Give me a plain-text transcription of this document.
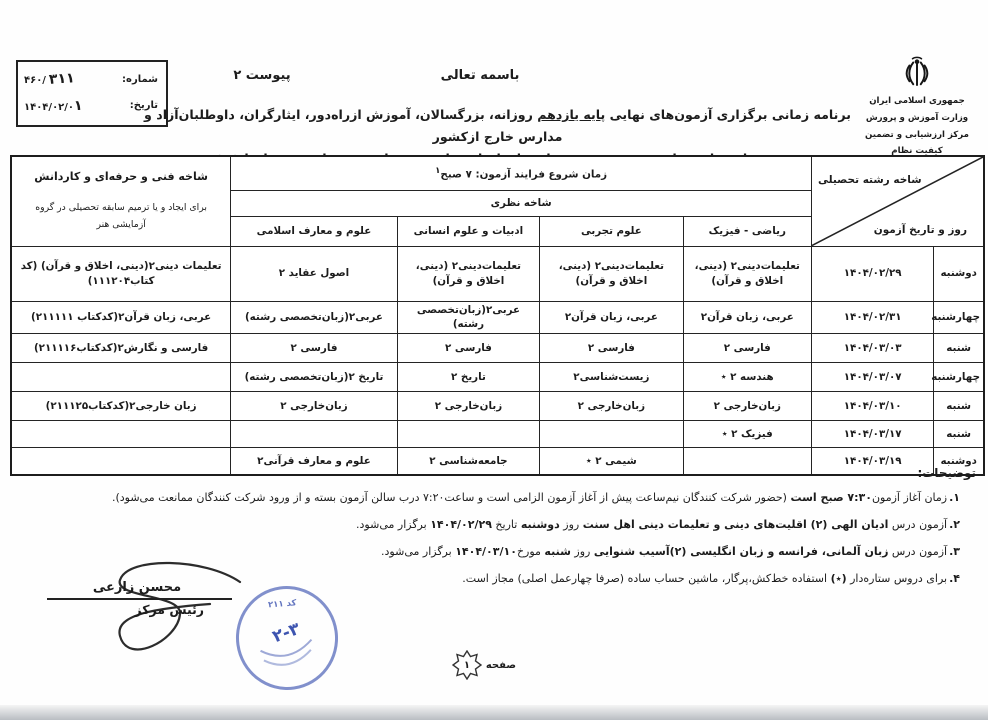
شماره:
۴۶۰/ ۳۱۱
تاریخ:
۱۴۰۴/۰۲/۰۱	جمهوری اسلامی ایران
وزارت آموزش و پرورش
مرکز ارزشیابی و تضمین کیفیت نظام
باسمه تعالی
پیوست ۲
برنامه زمانی برگزاری آزمون‌های نهایی پایه یازدهم روزانه، بزرگسالان، آموزش ازراه‌دور، ایثارگران، داوطلبان‌آزاد و مدارس خارج ازکشور
شاخه رشته تحصیلی
روز و تاریخ آزمون
	زمان شروع فرایند آزمون: ۷ صبح$^۱$	
شاخه فنی و حرفه‌ای و کاردانش
برای ایجاد و یا ترمیم سابقه تحصیلی در گروه آزمایشی هنر

		شاخه نظری				
		ریاضی - فیزیک	علوم تجربی	ادبیات و علوم انسانی	علوم و معارف اسلامی	
دوشنبه	۱۴۰۴/۰۲/۲۹	تعلیمات‌دینی۲ (دینی، اخلاق و قرآن)	تعلیمات‌دینی۲ (دینی، اخلاق و قرآن)	تعلیمات‌دینی۲ (دینی، اخلاق و قرآن)	اصول عقاید ۲	تعلیمات دینی۲(دینی، اخلاق و قرآن) (کد کتاب۱۱۱۲۰۴)
چهارشنبه	۱۴۰۴/۰۲/۳۱	عربی، زبان قرآن۲	عربی، زبان قرآن۲	عربی۲(زبان‌تخصصی رشته)	عربی۲(زبان‌تخصصی رشته)	عربی، زبان قرآن۲(کدکتاب ۲۱۱۱۱۱)
شنبه	۱۴۰۴/۰۳/۰۳	فارسی ۲	فارسی ۲	فارسی ۲	فارسی ۲	فارسی و نگارش۲(کدکتاب۲۱۱۱۱۶)
چهارشنبه	۱۴۰۴/۰۳/۰۷	هندسه ۲ ٭	زیست‌شناسی۲	تاریخ ۲	تاریخ ۲(زبان‌تخصصی رشته)	
شنبه	۱۴۰۴/۰۳/۱۰	زبان‌خارجی ۲	زبان‌خارجی ۲	زبان‌خارجی ۲	زبان‌خارجی ۲	زبان خارجی۲(کدکتاب۲۱۱۱۲۵)
شنبه	۱۴۰۴/۰۳/۱۷	فیزیک ۲ ٭				
دوشنبه	۱۴۰۴/۰۳/۱۹		شیمی ۲ ٭	جامعه‌شناسی ۲	علوم و معارف قرآنی۲	
توضیحات:
۱.زمان آغاز آزمون۷:۳۰ صبح است (حضور شرکت کنندگان نیم‌ساعت پیش از آغاز آزمون الزامی است و ساعت۷:۲۰ درب سالن آزمون بسته و از ورود شرکت کنندگان ممانعت می‌شود).
۲.آزمون درس ادیان الهی (۲) اقلیت‌های دینی و تعلیمات دینی اهل سنت روز دوشنبه تاریخ ۱۴۰۴/۰۲/۲۹ برگزار می‌شود.
۳.آزمون درس زبان آلمانی، فرانسه و زبان انگلیسی (۲)آسیب شنوایی روز شنبه مورخ۱۴۰۴/۰۳/۱۰ برگزار می‌شود.
۴.برای دروس ستاره‌دار (٭) استفاده خط‌کش،پرگار، ماشین حساب ساده (صرفا چهارعمل اصلی) مجاز است.
محسن زارعی
رئیس مرکز	کد ۲۱۱
۲-۳
صفحه
۱
